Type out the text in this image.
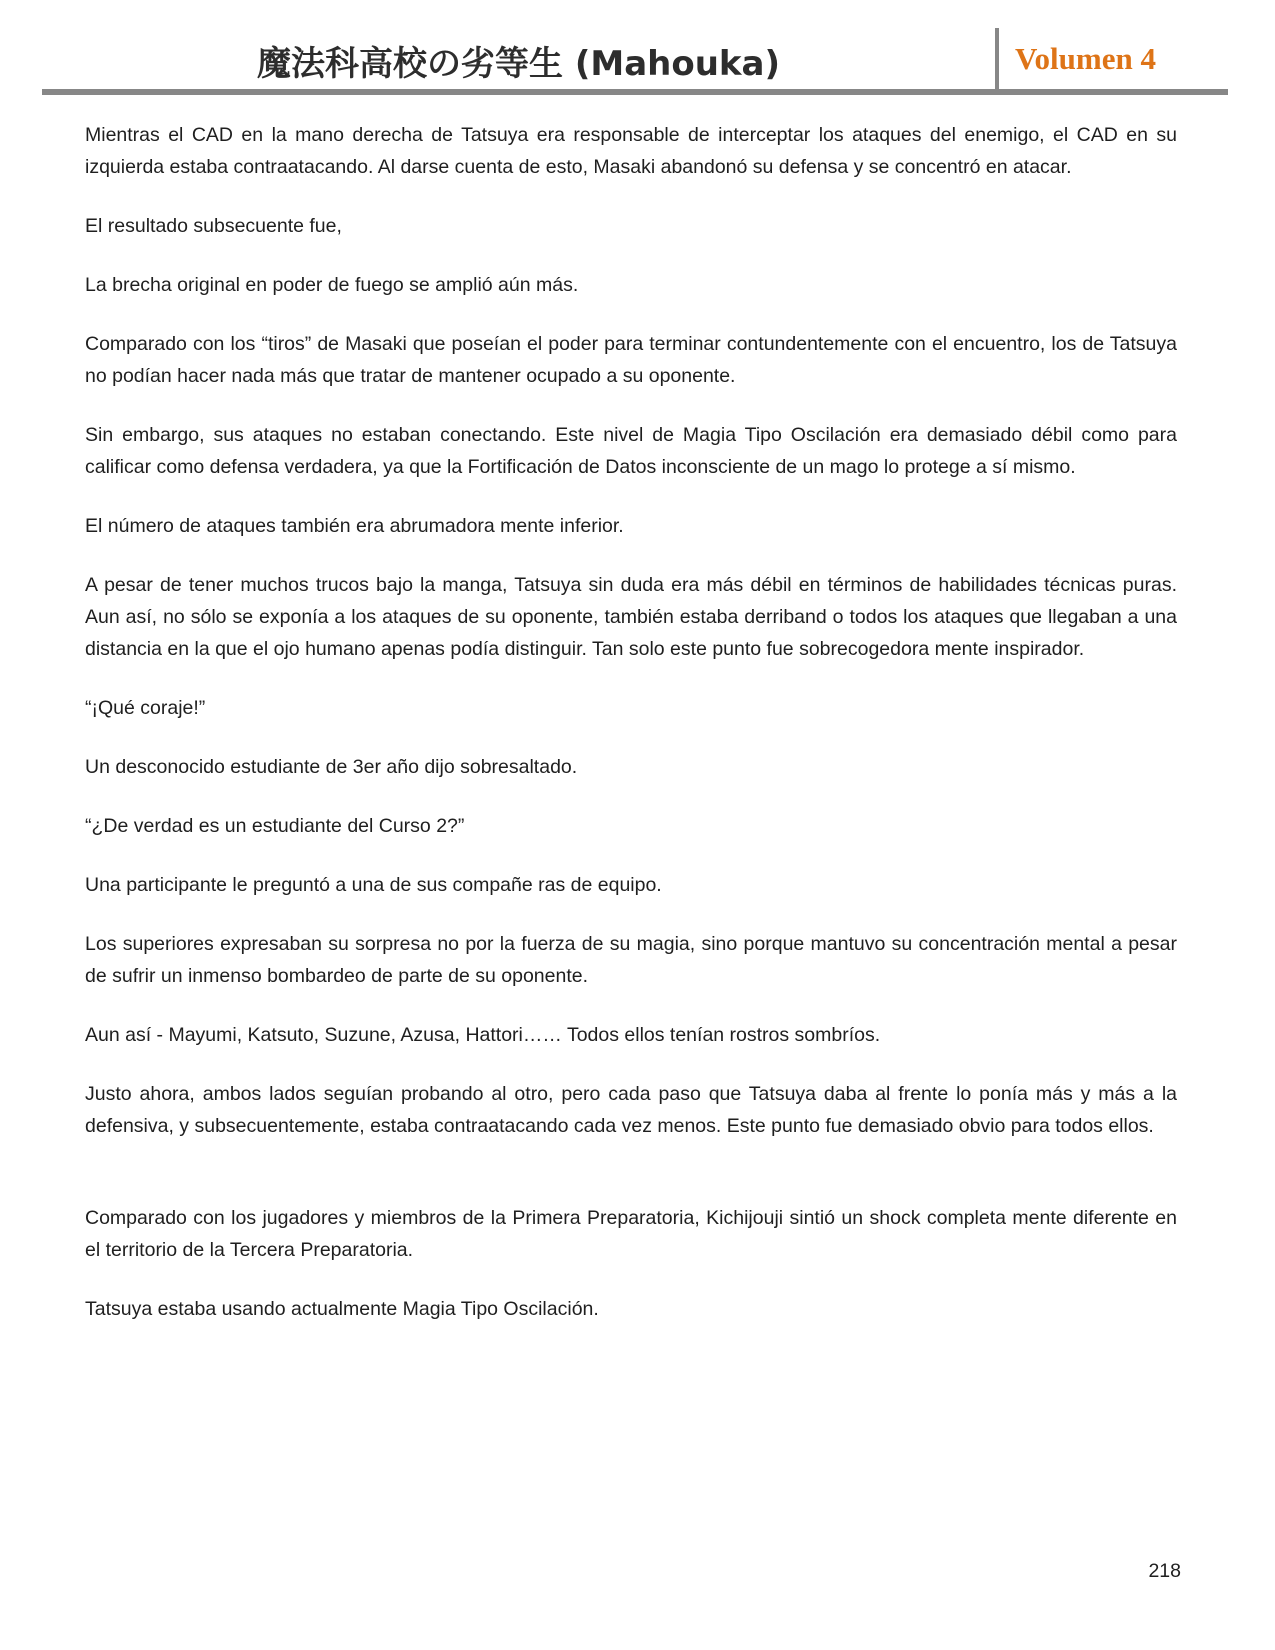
魔法科高校の劣等生 (Mahouka)	Volumen 4

Mientras el CAD en la mano derecha de Tatsuya era responsable de interceptar los ataques del enemigo, el CAD en su izquierda estaba contraatacando. Al darse cuenta de esto, Masaki abandonó su defensa y se concentró en atacar.

El resultado subsecuente fue,

La brecha original en poder de fuego se amplió aún más.

Comparado con los “tiros” de Masaki que poseían el poder para terminar contundentemente con el encuentro, los de Tatsuya no podían hacer nada más que tratar de mantener ocupado a su oponente.

Sin embargo, sus ataques no estaban conectando. Este nivel de Magia Tipo Oscilación era demasiado débil como para calificar como defensa verdadera, ya que la Fortificación de Datos inconsciente de un mago lo protege a sí mismo.

El número de ataques también era abrumadora mente inferior.

A pesar de tener muchos trucos bajo la manga, Tatsuya sin duda era más débil en términos de habilidades técnicas puras. Aun así, no sólo se exponía a los ataques de su oponente, también estaba derriband o todos los ataques que llegaban a una distancia en la que el ojo humano apenas podía distinguir. Tan solo este punto fue sobrecogedora mente inspirador.

“¡Qué coraje!”

Un desconocido estudiante de 3er año dijo sobresaltado.

“¿De verdad es un estudiante del Curso 2?”

Una participante le preguntó a una de sus compañe ras de equipo.

Los superiores expresaban su sorpresa no por la fuerza de su magia, sino porque mantuvo su concentración mental a pesar de sufrir un inmenso bombardeo de parte de su oponente.

Aun así - Mayumi, Katsuto, Suzune, Azusa, Hattori…… Todos ellos tenían rostros sombríos.

Justo ahora, ambos lados seguían probando al otro, pero cada paso que Tatsuya daba al frente lo ponía más y más a la defensiva, y subsecuentemente, estaba contraatacando cada vez menos. Este punto fue demasiado obvio para todos ellos.

Comparado con los jugadores y miembros de la Primera Preparatoria, Kichijouji sintió un shock completa mente diferente en el territorio de la Tercera Preparatoria.

Tatsuya estaba usando actualmente Magia Tipo Oscilación.

218
